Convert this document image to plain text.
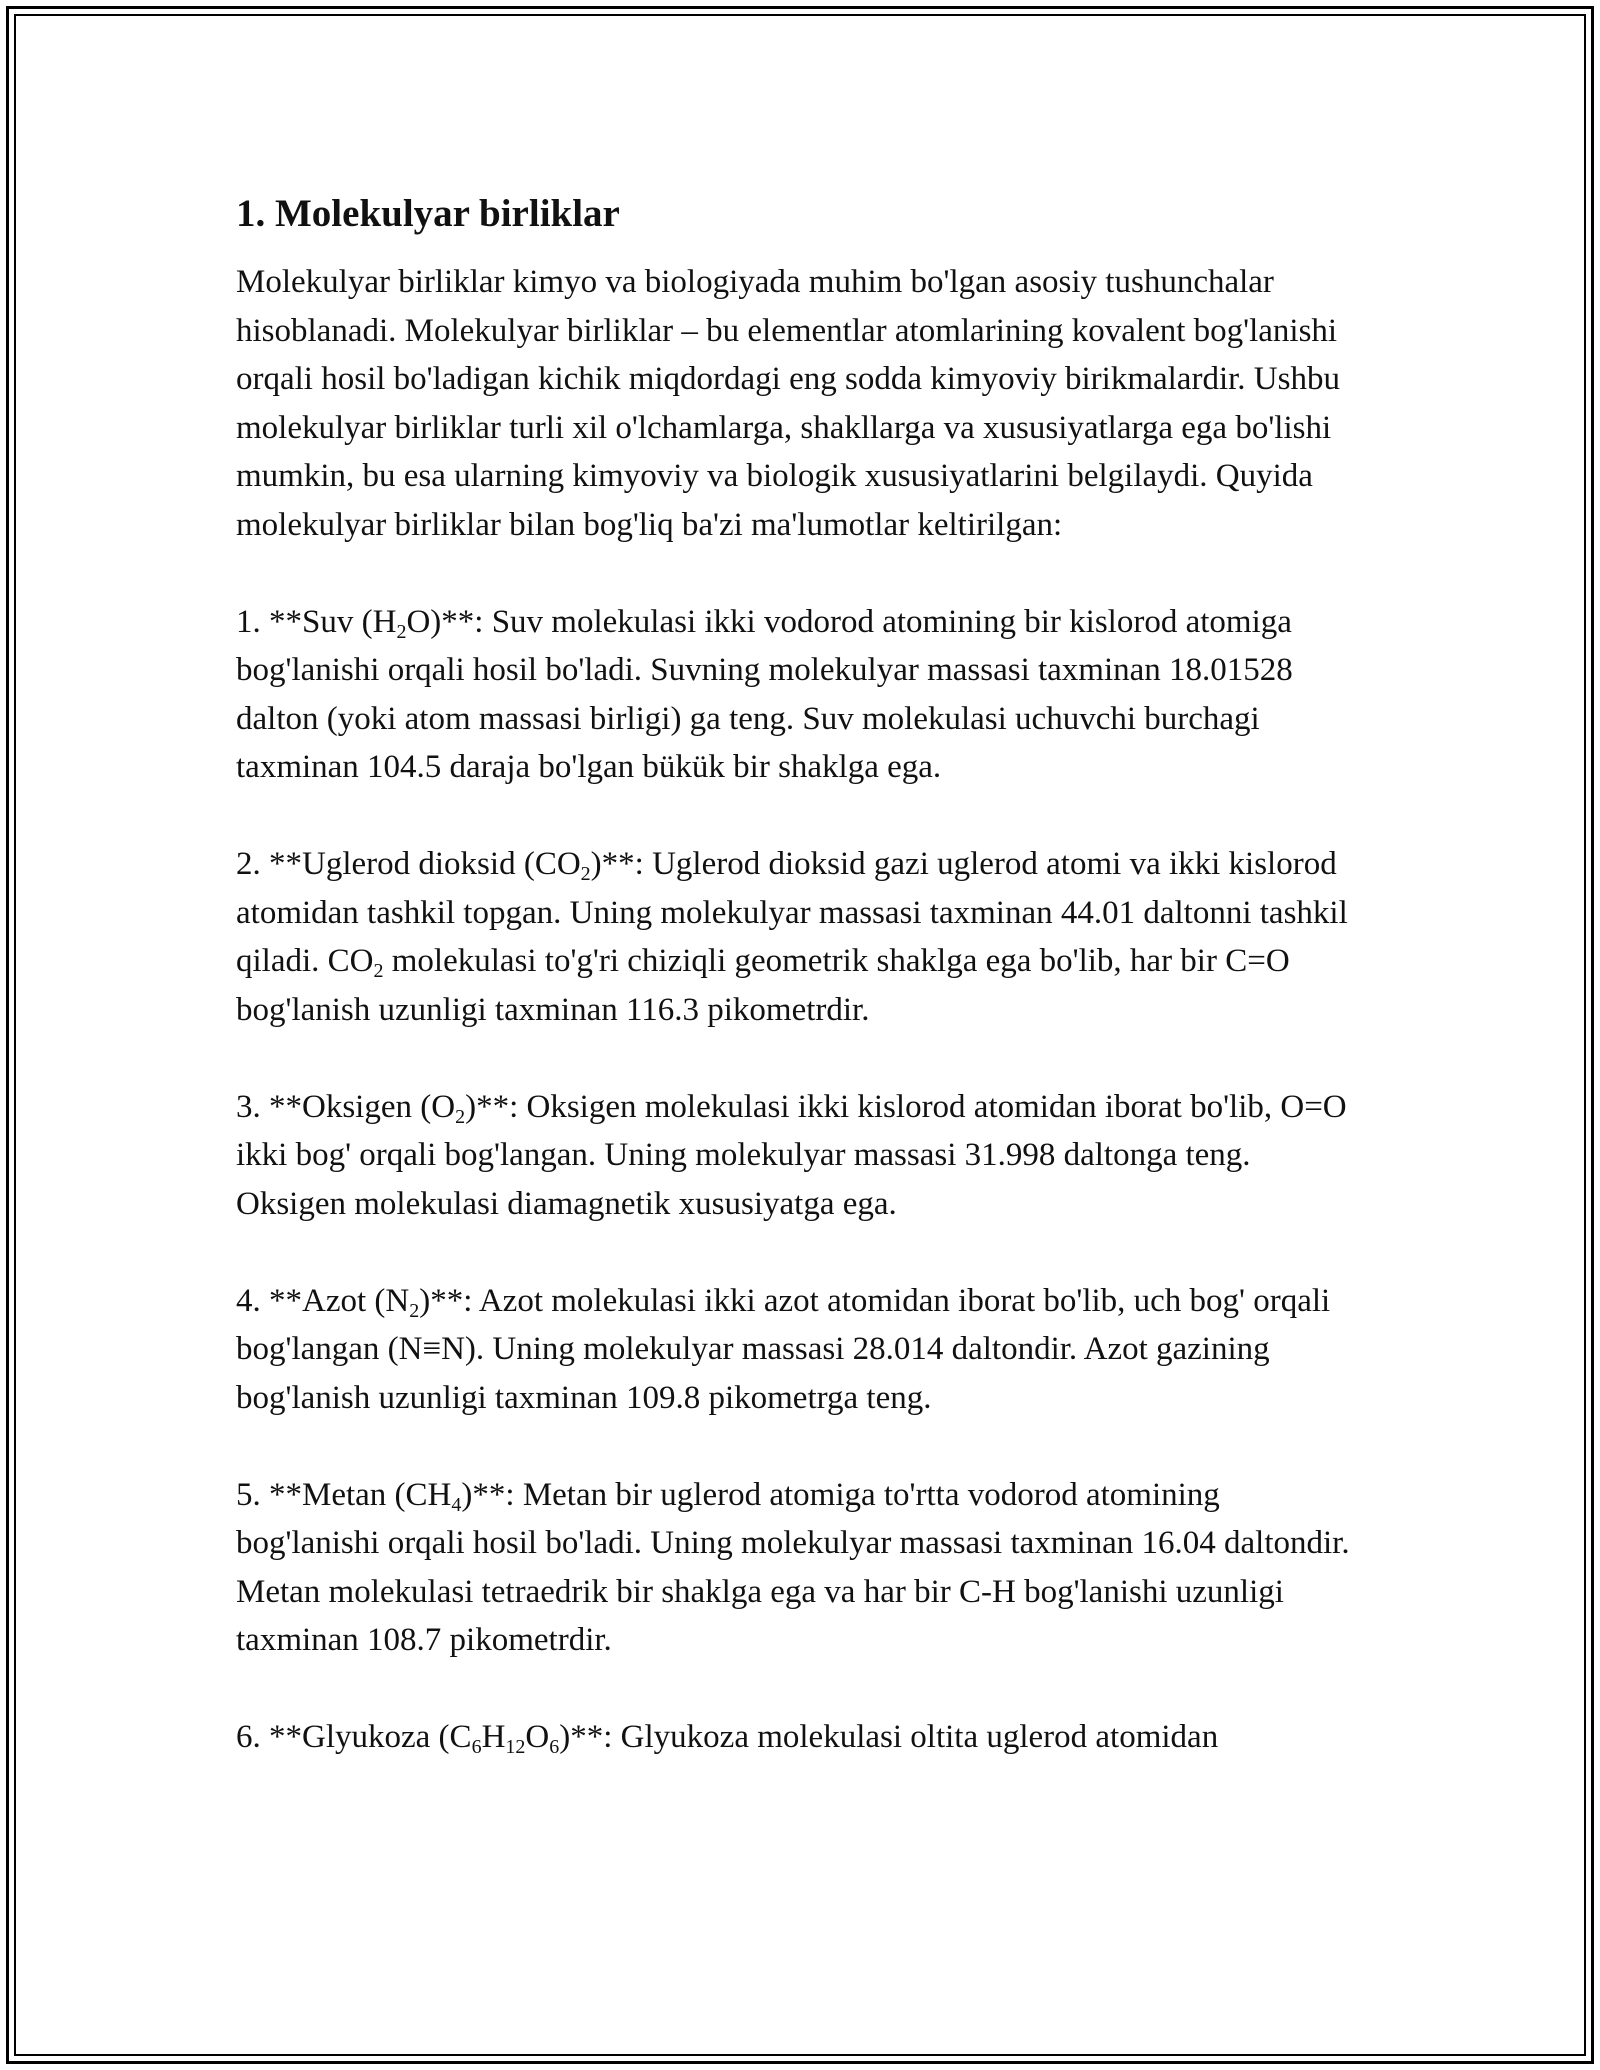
1. Molekulyar birliklar

Molekulyar birliklar kimyo va biologiyada muhim bo'lgan asosiy tushunchalar hisoblanadi. Molekulyar birliklar – bu elementlar atomlarining kovalent bog'lanishi orqali hosil bo'ladigan kichik miqdordagi eng sodda kimyoviy birikmalardir. Ushbu molekulyar birliklar turli xil o'lchamlarga, shakllarga va xususiyatlarga ega bo'lishi mumkin, bu esa ularning kimyoviy va biologik xususiyatlarini belgilaydi. Quyida molekulyar birliklar bilan bog'liq ba'zi ma'lumotlar keltirilgan:

1. **Suv $(H_2O)**$: Suv molekulasi ikki vodorod atomining bir kislorod atomiga bog'lanishi orqali hosil bo'ladi. Suvning molekulyar massasi taxminan 18.01528 dalton (yoki atom massasi birligi) ga teng. Suv molekulasi uchuvchi burchagi taxminan 104.5 daraja bo'lgan bükük bir shaklga ega.

2. **Uglerod dioksid $(CO_2)**$: Uglerod dioksid gazi uglerod atomi va ikki kislorod atomidan tashkil topgan. Uning molekulyar massasi taxminan 44.01 daltonni tashkil qiladi. $CO_2$ molekulasi to'g'ri chiziqli geometrik shaklga ega bo'lib, har bir C=O bog'lanish uzunligi taxminan 116.3 pikometrdir.

3. **Oksigen $(O_2)**$: Oksigen molekulasi ikki kislorod atomidan iborat bo'lib, O=O ikki bog' orqali bog'langan. Uning molekulyar massasi 31.998 daltonga teng. Oksigen molekulasi diamagnetik xususiyatga ega.

4. **Azot $(N_2)**$: Azot molekulasi ikki azot atomidan iborat bo'lib, uch bog' orqali bog'langan (N≡N). Uning molekulyar massasi 28.014 daltondir. Azot gazining bog'lanish uzunligi taxminan 109.8 pikometrga teng.

5. **Metan $(CH_4)**$: Metan bir uglerod atomiga to'rtta vodorod atomining bog'lanishi orqali hosil bo'ladi. Uning molekulyar massasi taxminan 16.04 daltondir. Metan molekulasi tetraedrik bir shaklga ega va har bir C-H bog'lanishi uzunligi taxminan 108.7 pikometrdir.

6. **Glyukoza $(C_6H_{12}O_6)**$: Glyukoza molekulasi oltita uglerod atomidan
